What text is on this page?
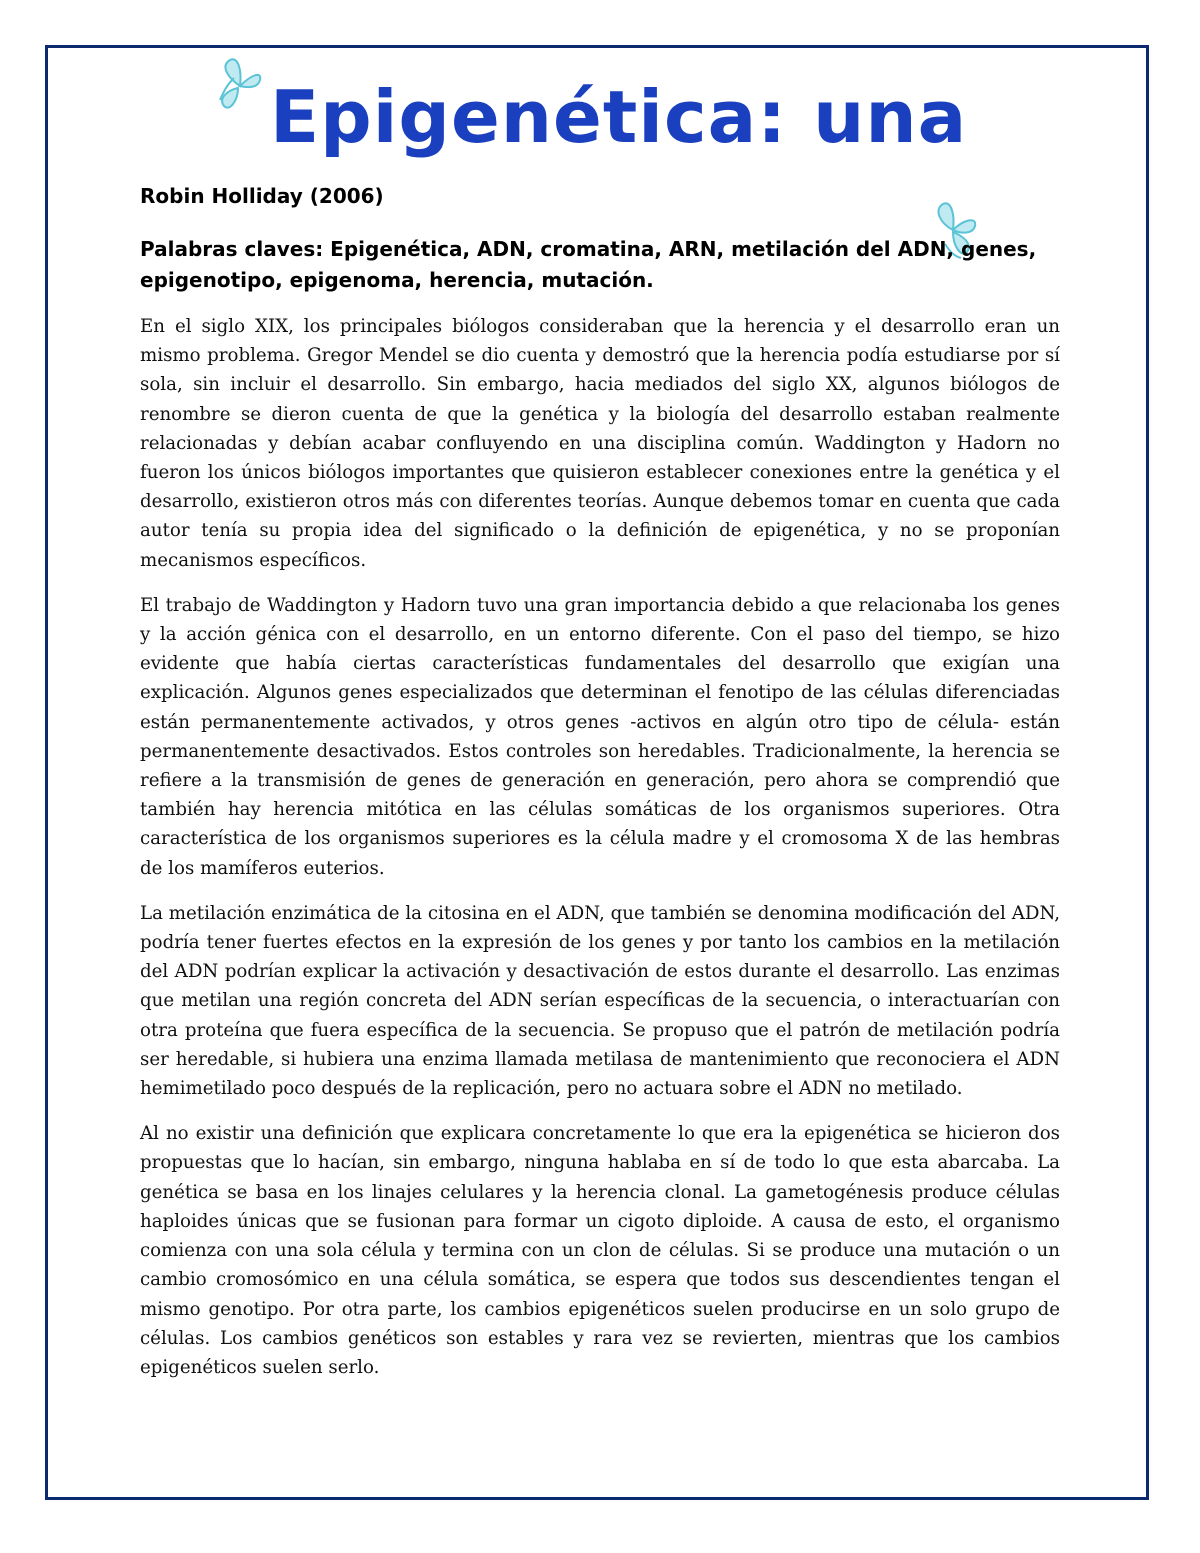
Epigenética: una

Robin Holliday (2006)

Palabras claves: Epigenética, ADN, cromatina, ARN, metilación del ADN, genes, epigenotipo, epigenoma, herencia, mutación.

En el siglo XIX, los principales biólogos consideraban que la herencia y el desarrollo eran un mismo problema. Gregor Mendel se dio cuenta y demostró que la herencia podía estudiarse por sí sola, sin incluir el desarrollo. Sin embargo, hacia mediados del siglo XX, algunos biólogos de renombre se dieron cuenta de que la genética y la biología del desarrollo estaban realmente relacionadas y debían acabar confluyendo en una disciplina común. Waddington y Hadorn no fueron los únicos biólogos importantes que quisieron establecer conexiones entre la genética y el desarrollo, existieron otros más con diferentes teorías. Aunque debemos tomar en cuenta que cada autor tenía su propia idea del significado o la definición de epigenética, y no se proponían mecanismos específicos.

El trabajo de Waddington y Hadorn tuvo una gran importancia debido a que relacionaba los genes y la acción génica con el desarrollo, en un entorno diferente. Con el paso del tiempo, se hizo evidente que había ciertas características fundamentales del desarrollo que exigían una explicación. Algunos genes especializados que determinan el fenotipo de las células diferenciadas están permanentemente activados, y otros genes -activos en algún otro tipo de célula- están permanentemente desactivados. Estos controles son heredables. Tradicionalmente, la herencia se refiere a la transmisión de genes de generación en generación, pero ahora se comprendió que también hay herencia mitótica en las células somáticas de los organismos superiores. Otra característica de los organismos superiores es la célula madre y el cromosoma X de las hembras de los mamíferos euterios.

La metilación enzimática de la citosina en el ADN, que también se denomina modificación del ADN, podría tener fuertes efectos en la expresión de los genes y por tanto los cambios en la metilación del ADN podrían explicar la activación y desactivación de estos durante el desarrollo. Las enzimas que metilan una región concreta del ADN serían específicas de la secuencia, o interactuarían con otra proteína que fuera específica de la secuencia. Se propuso que el patrón de metilación podría ser heredable, si hubiera una enzima llamada metilasa de mantenimiento que reconociera el ADN hemimetilado poco después de la replicación, pero no actuara sobre el ADN no metilado.

Al no existir una definición que explicara concretamente lo que era la epigenética se hicieron dos propuestas que lo hacían, sin embargo, ninguna hablaba en sí de todo lo que esta abarcaba. La genética se basa en los linajes celulares y la herencia clonal. La gametogénesis produce células haploides únicas que se fusionan para formar un cigoto diploide. A causa de esto, el organismo comienza con una sola célula y termina con un clon de células. Si se produce una mutación o un cambio cromosómico en una célula somática, se espera que todos sus descendientes tengan el mismo genotipo. Por otra parte, los cambios epigenéticos suelen producirse en un solo grupo de células. Los cambios genéticos son estables y rara vez se revierten, mientras que los cambios epigenéticos suelen serlo.
